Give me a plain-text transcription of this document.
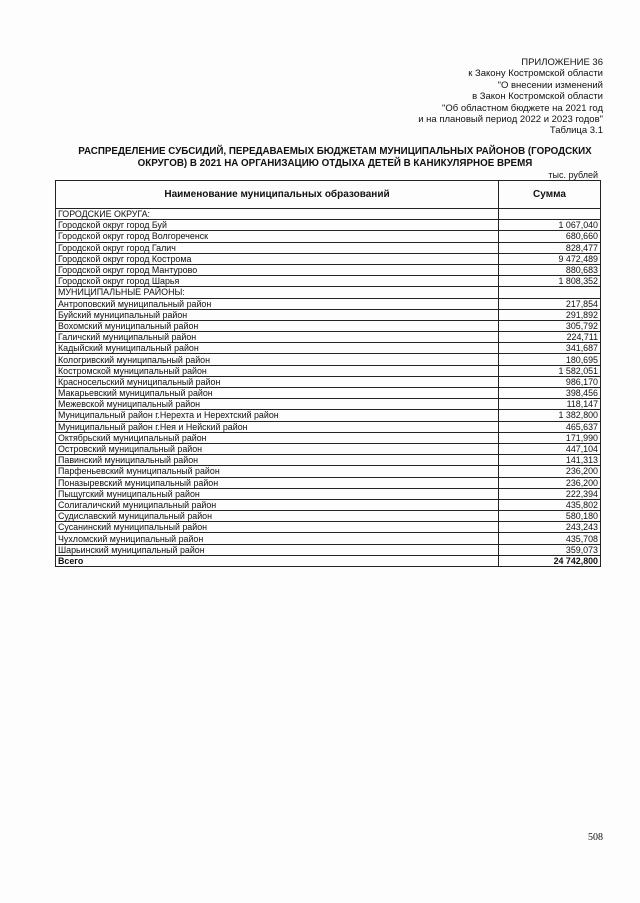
ПРИЛОЖЕНИЕ 36
к Закону Костромской области
"О внесении изменений
в Закон Костромской области
"Об областном бюджете на 2021 год
и на плановый период 2022 и 2023 годов"
Таблица 3.1
РАСПРЕДЕЛЕНИЕ СУБСИДИЙ, ПЕРЕДАВАЕМЫХ БЮДЖЕТАМ МУНИЦИПАЛЬНЫХ РАЙОНОВ (ГОРОДСКИХ
ОКРУГОВ) В 2021 НА ОРГАНИЗАЦИЮ ОТДЫХА ДЕТЕЙ В КАНИКУЛЯРНОЕ ВРЕМЯ
тыс. рублей
Наименование муниципальных образований	Сумма
ГОРОДСКИЕ ОКРУГА:	
Городской округ город Буй	1 067,040
Городской округ город Волгореченск	680,660
Городской округ город Галич	828,477
Городской округ город Кострома	9 472,489
Городской округ город Мантурово	880,683
Городской округ город Шарья	1 808,352
МУНИЦИПАЛЬНЫЕ РАЙОНЫ:	
Антроповский муниципальный район	217,854
Буйский муниципальный район	291,892
Вохомский муниципальный район	305,792
Галичский муниципальный район	224,711
Кадыйский муниципальный район	341,687
Кологривский муниципальный район	180,695
Костромской муниципальный район	1 582,051
Красносельский муниципальный район	986,170
Макарьевский муниципальный район	398,456
Межевской муниципальный район	118,147
Муниципальный район г.Нерехта и Нерехтский район	1 382,800
Муниципальный район г.Нея и Нейский район	465,637
Октябрьский муниципальный район	171,990
Островский муниципальный район	447,104
Павинский муниципальный район	141,313
Парфеньевский муниципальный район	236,200
Поназыревский муниципальный район	236,200
Пыщугский муниципальный район	222,394
Солигаличский муниципальный район	435,802
Судиславский муниципальный район	580,180
Сусанинский муниципальный район	243,243
Чухломский муниципальный район	435,708
Шарьинский муниципальный район	359,073
Всего	24 742,800
508
